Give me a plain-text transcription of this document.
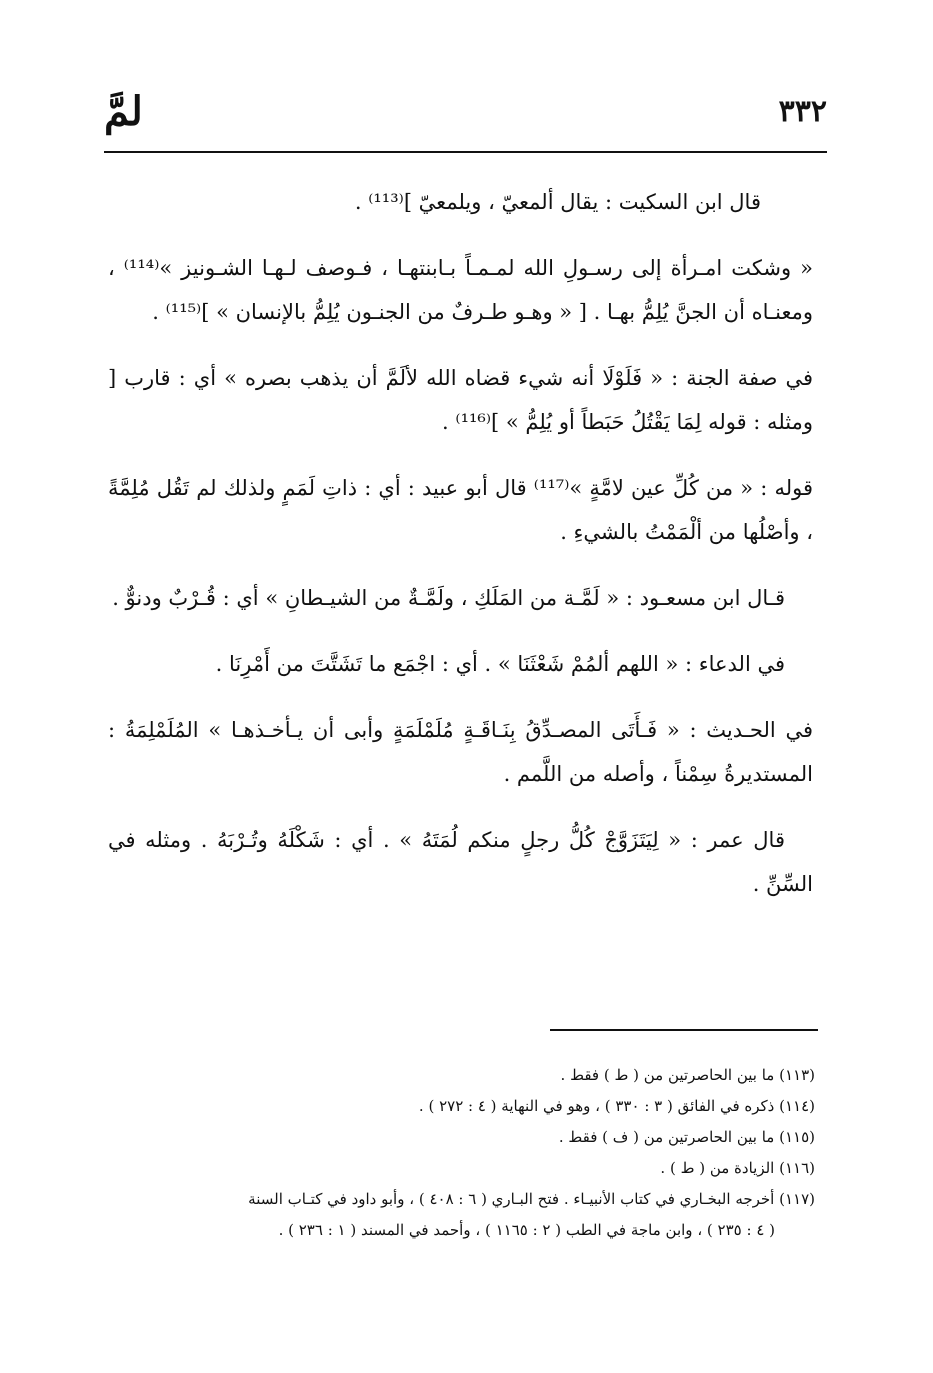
٣٣٢
لمَّ

قال ابن السكيت : يقال ألمعيّ ، ويلمعيّ ]⁽¹¹³⁾ .

« وشكت امـرأة إلى رسـولِ الله لمـمـاً بـابنتهـا ، فـوصف لـهـا الشـونيز »⁽¹¹⁴⁾ ، ومعنـاه أن الجنَّ يُلِمُّ بهـا . [ « وهـو طـرفٌ من الجنـون يُلِمُّ بالإنسان » ]⁽¹¹⁵⁾ .

في صفة الجنة : « فَلَوْلَا أنه شيء قضاه الله لألَمَّ أن يذهب بصره » أي : قارب [ ومثله : قوله لِمَا يَقْتُلُ حَبَطاً أو يُلِمُّ » ]⁽¹¹⁶⁾ .

قوله : « من كُلِّ عين لامَّةٍ »⁽¹¹⁷⁾ قال أبو عبيد : أي : ذاتِ لَمَمٍ ولذلك لم تَقُل مُلِمَّةً ، وأصْلُها من ألْمَمْتُ بالشيءِ .

قـال ابن مسعـود : « لَمَّـة من المَلَكِ ، ولَمَّـةٌ من الشيـطانِ » أي : قُـرْبٌ ودنوٌّ .

في الدعاء : « اللهم ألمُمْ شَعْثَنَا » . أي : اجْمَع ما تَشَتَّتَ من أَمْرِنَا .

في الحـديث : « فَـأَتَى المصـدِّقُ بِنَـاقَـةٍ مُلَمْلَمَةٍ وأبى أن يـأخـذهـا » المُلَمْلِمَةُ : المستديرةُ سِمْناً ، وأصله من اللَّمم .

قال عمر : « لِيَتَزَوَّجْ كُلُّ رجلٍ منكم لُمَتَهُ » . أي : شَكْلَهُ وتُـرْبَهُ . ومثله في السِّنِّ .

(١١٣) ما بين الحاصرتين من ( ط ) فقط .

(١١٤) ذكره في الفائق ( ٣ : ٣٣٠ ) ، وهو في النهاية ( ٤ : ٢٧٢ ) .

(١١٥) ما بين الحاصرتين من ( ف ) فقط .

(١١٦) الزيادة من ( ط ) .

(١١٧) أخرجه البخـاري في كتاب الأنبيـاء . فتح البـاري ( ٦ : ٤٠٨ ) ، وأبو داود في كتـاب السنة

( ٤ : ٢٣٥ ) ، وابن ماجة في الطب ( ٢ : ١١٦٥ ) ، وأحمد في المسند ( ١ : ٢٣٦ ) .
